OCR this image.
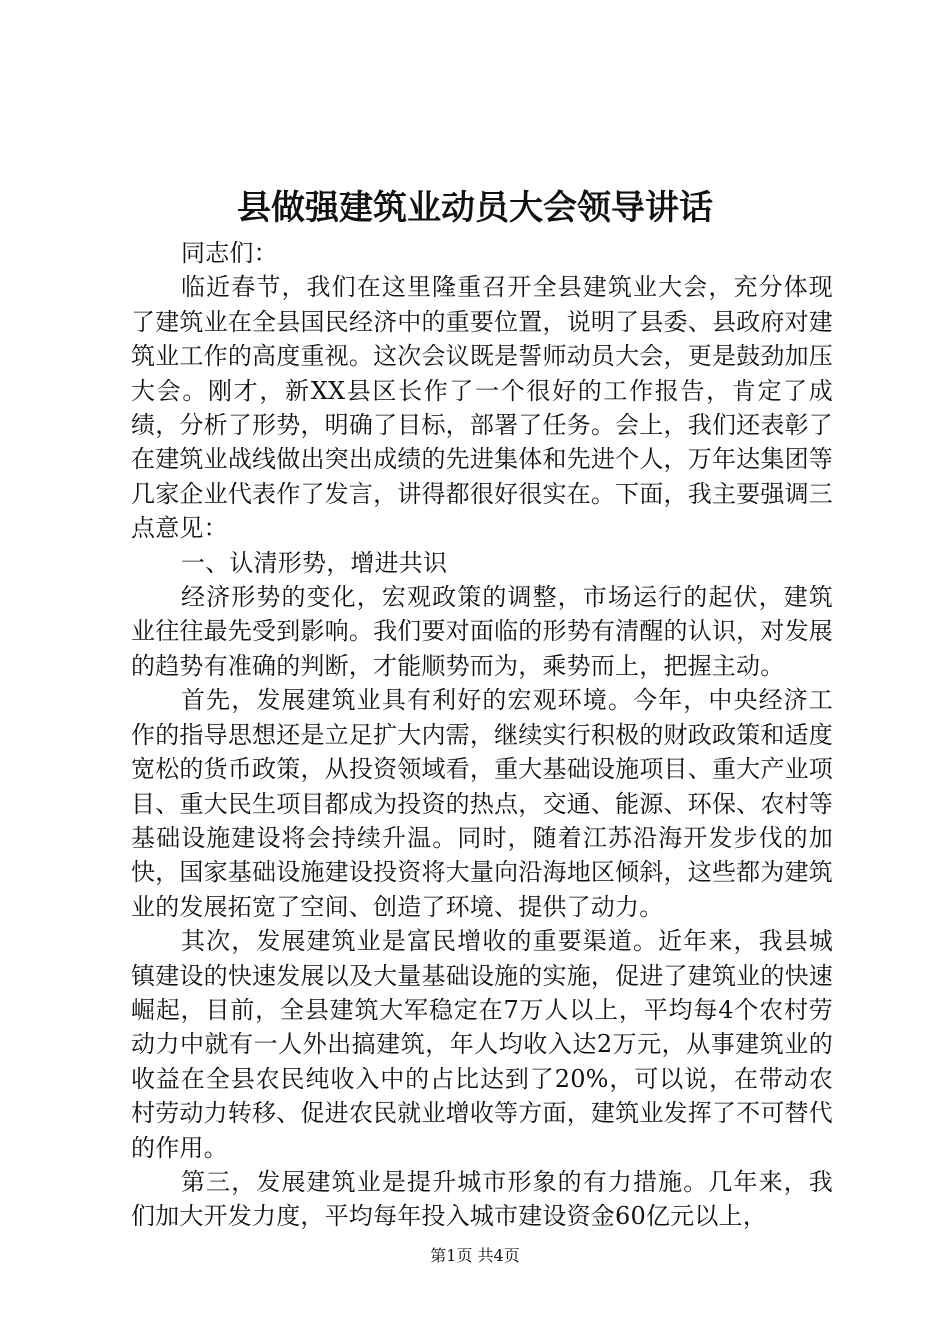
县做强建筑业动员大会领导讲话

同志们：

临近春节，我们在这里隆重召开全县建筑业大会，充分体现了建筑业在全县国民经济中的重要位置，说明了县委、县政府对建筑业工作的高度重视。这次会议既是誓师动员大会，更是鼓劲加压大会。刚才，新XX县区长作了一个很好的工作报告，肯定了成绩，分析了形势，明确了目标，部署了任务。会上，我们还表彰了在建筑业战线做出突出成绩的先进集体和先进个人，万年达集团等几家企业代表作了发言，讲得都很好很实在。下面，我主要强调三点意见：

一、认清形势，增进共识

经济形势的变化，宏观政策的调整，市场运行的起伏，建筑业往往最先受到影响。我们要对面临的形势有清醒的认识，对发展的趋势有准确的判断，才能顺势而为，乘势而上，把握主动。

首先，发展建筑业具有利好的宏观环境。今年，中央经济工作的指导思想还是立足扩大内需，继续实行积极的财政政策和适度宽松的货币政策，从投资领域看，重大基础设施项目、重大产业项目、重大民生项目都成为投资的热点，交通、能源、环保、农村等基础设施建设将会持续升温。同时，随着江苏沿海开发步伐的加快，国家基础设施建设投资将大量向沿海地区倾斜，这些都为建筑业的发展拓宽了空间、创造了环境、提供了动力。

其次，发展建筑业是富民增收的重要渠道。近年来，我县城镇建设的快速发展以及大量基础设施的实施，促进了建筑业的快速崛起，目前，全县建筑大军稳定在7万人以上，平均每4个农村劳动力中就有一人外出搞建筑，年人均收入达2万元，从事建筑业的收益在全县农民纯收入中的占比达到了20%，可以说，在带动农村劳动力转移、促进农民就业增收等方面，建筑业发挥了不可替代的作用。

第三，发展建筑业是提升城市形象的有力措施。几年来，我们加大开发力度，平均每年投入城市建设资金60亿元以上，

第1页 共4页
